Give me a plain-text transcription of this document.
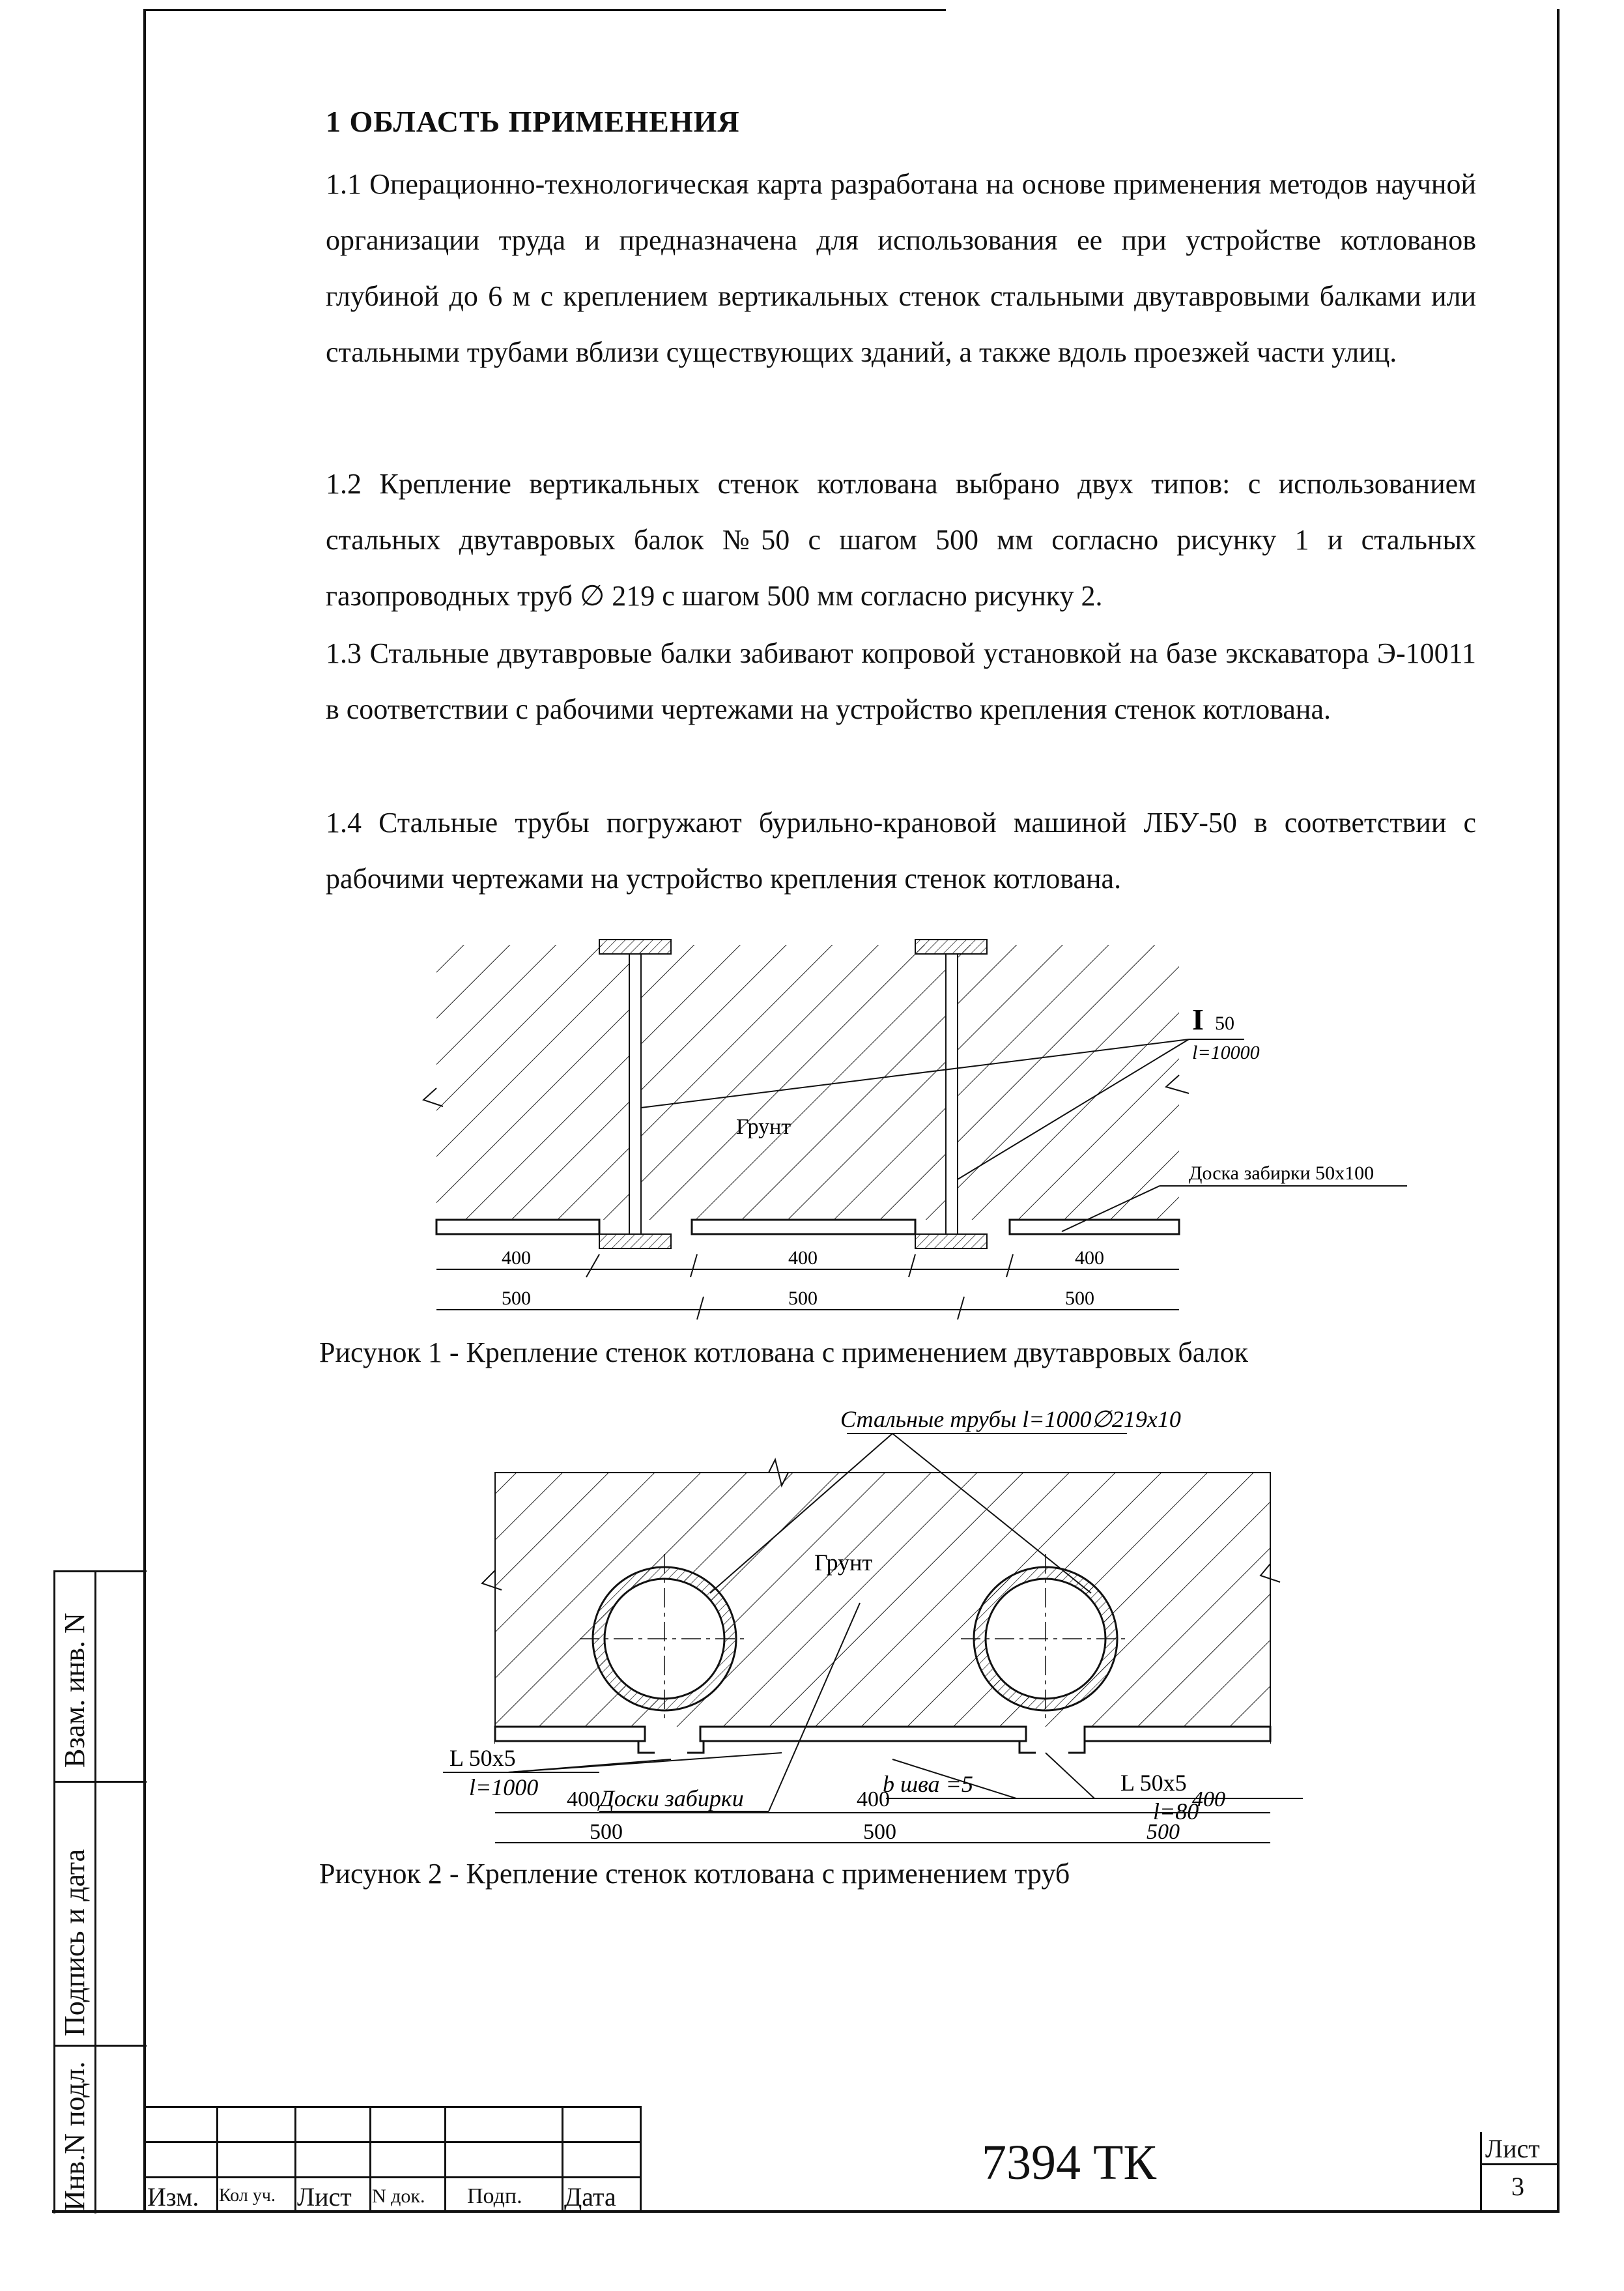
1 ОБЛАСТЬ ПРИМЕНЕНИЯ
1.1 Операционно-технологическая карта разработана на основе применения методов научной организации труда и предназначена для использования ее при устройстве котлованов глубиной до 6 м с креплением вертикальных стенок стальными двутавровыми балками или стальными трубами вблизи существующих зданий, а также вдоль проезжей части улиц.
1.2 Крепление вертикальных стенок котлована выбрано двух типов: с использованием стальных двутавровых балок №50 с шагом 500 мм согласно рисунку 1 и стальных газопроводных труб ∅ 219 с шагом 500 мм согласно рисунку 2.
1.3 Стальные двутавровые балки забивают копровой установкой на базе экскаватора Э-10011 в соответствии с рабочими чертежами на устройство крепления стенок котлована.
1.4 Стальные трубы погружают бурильно-крановой машиной ЛБУ-50 в соответствии с рабочими чертежами на устройство крепления стенок котлована.
Грунт
I 50
l=10000
Доска забирки 50х100
400	400	400
500	500	500
Рисунок 1 - Крепление стенок котлована с применением двутавровых балок
Стальные трубы l=1000∅219х10
Грунт
L 50х5
l=1000	Доски забирки
b шва =5	L 50х5
l=80
400	400	400
500	500	500
Рисунок 2 - Крепление стенок котлована с применением труб
Взам. инв. N
Подпись и дата
Инв.N подл. Изм. Кол уч. Лист N док. Подп. Дата
7394 ТК	Лист
3
